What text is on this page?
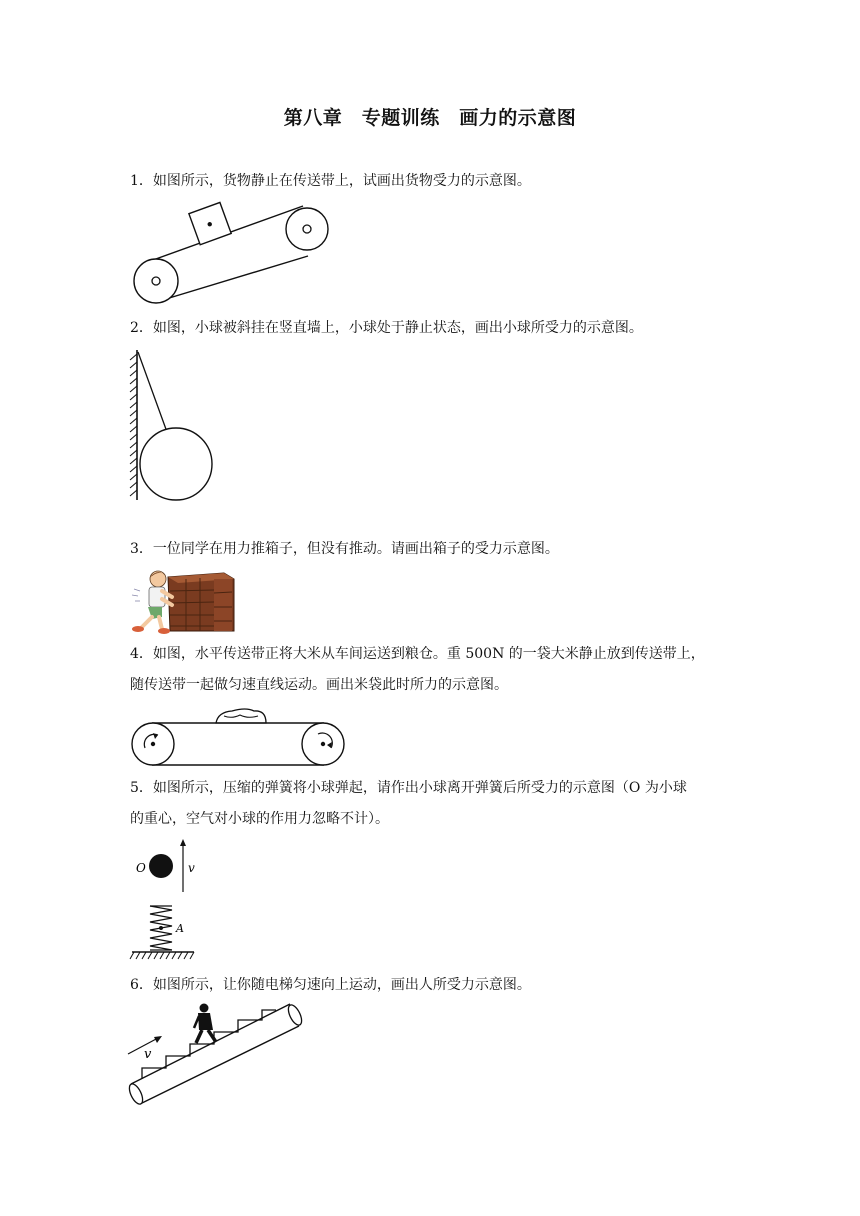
第八章　专题训练　画力的示意图
1．如图所示，货物静止在传送带上，试画出货物受力的示意图。
2．如图，小球被斜挂在竖直墙上，小球处于静止状态，画出小球所受力的示意图。
3．一位同学在用力推箱子，但没有推动。请画出箱子的受力示意图。
4．如图，水平传送带正将大米从车间运送到粮仓。重 500N 的一袋大米静止放到传送带上，
随传送带一起做匀速直线运动。画出米袋此时所力的示意图。
5．如图所示，压缩的弹簧将小球弹起，请作出小球离开弹簧后所受力的示意图（O 为小球
的重心，空气对小球的作用力忽略不计）。
O	v
A
6．如图所示，让你随电梯匀速向上运动，画出人所受力示意图。
v
